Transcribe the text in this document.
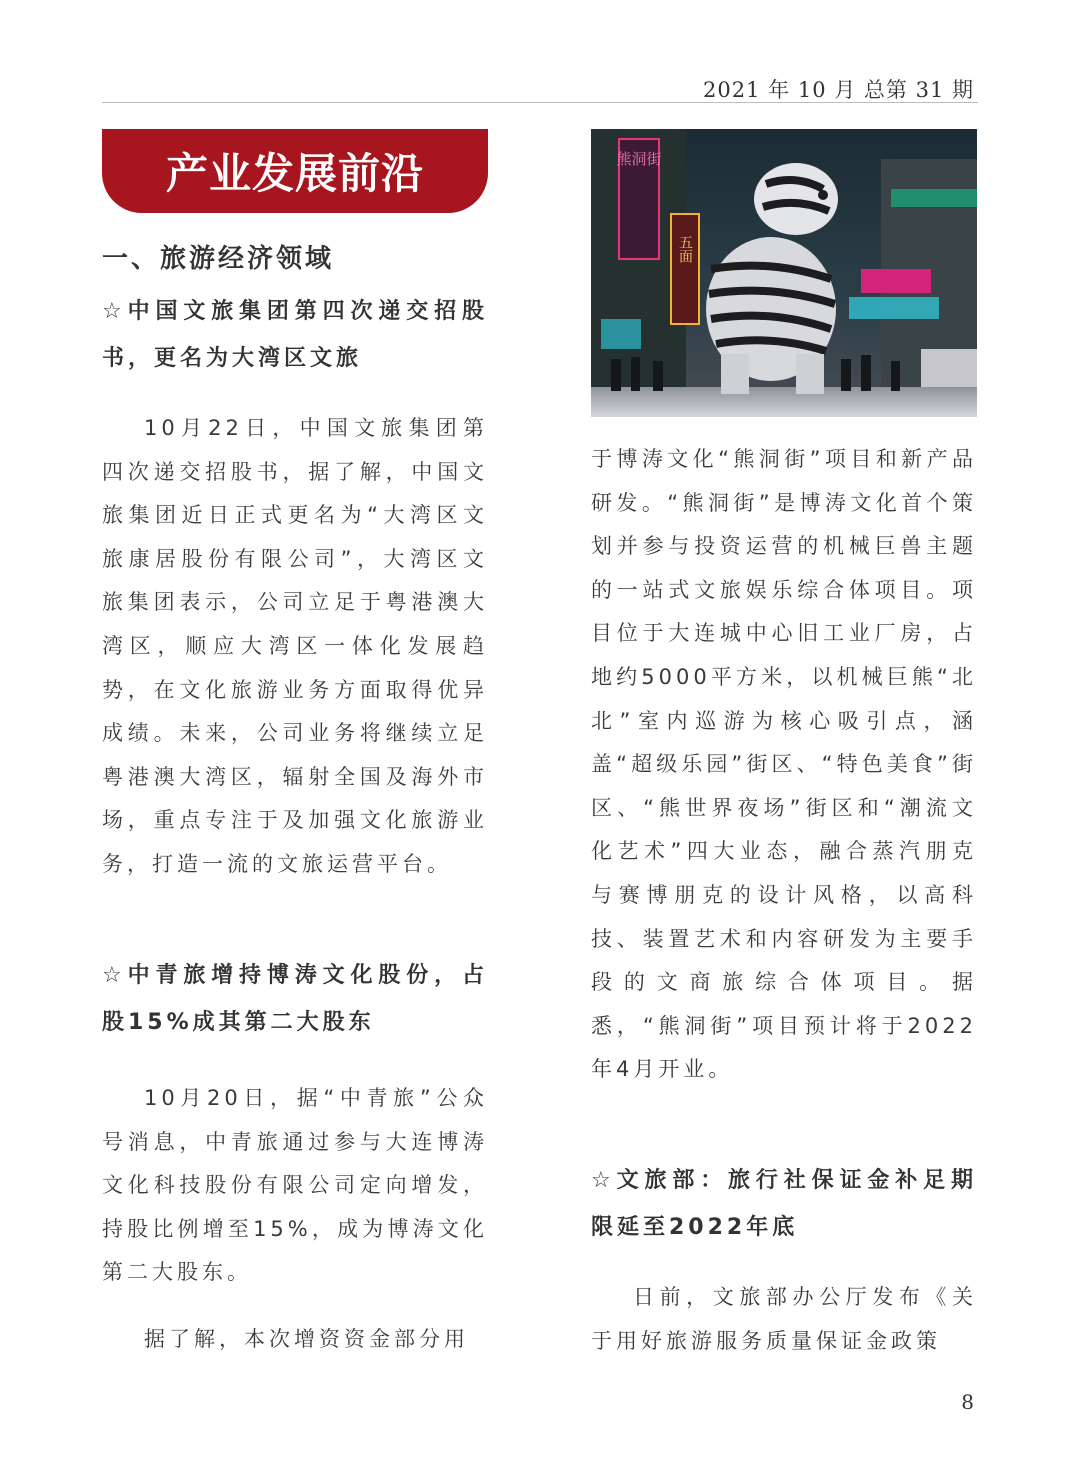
2021 年 10 月 总第 31 期
产业发展前沿
一、旅游经济领域

☆中国文旅集团第四次递交招股书，更名为大湾区文旅

10月22日，中国文旅集团第四次递交招股书，据了解，中国文旅集团近日正式更名为“大湾区文旅康居股份有限公司”，大湾区文旅集团表示，公司立足于粤港澳大湾区，顺应大湾区一体化发展趋势，在文化旅游业务方面取得优异成绩。未来，公司业务将继续立足粤港澳大湾区，辐射全国及海外市场，重点专注于及加强文化旅游业务，打造一流的文旅运营平台。

☆中青旅增持博涛文化股份，占股15%成其第二大股东

10月20日，据“中青旅”公众号消息，中青旅通过参与大连博涛文化科技股份有限公司定向增发，持股比例增至15%，成为博涛文化第二大股东。

据了解，本次增资资金部分用

熊洞街
五面

于博涛文化“熊洞街”项目和新产品研发。“熊洞街”是博涛文化首个策划并参与投资运营的机械巨兽主题的一站式文旅娱乐综合体项目。项目位于大连城中心旧工业厂房，占地约5000平方米，以机械巨熊“北北”室内巡游为核心吸引点，涵盖“超级乐园”街区、“特色美食”街区、“熊世界夜场”街区和“潮流文化艺术”四大业态，融合蒸汽朋克与赛博朋克的设计风格，以高科技、装置艺术和内容研发为主要手段的文商旅综合体项目。据悉，“熊洞街”项目预计将于2022年4月开业。

☆文旅部：旅行社保证金补足期限延至2022年底

日前，文旅部办公厅发布《关于用好旅游服务质量保证金政策

8
